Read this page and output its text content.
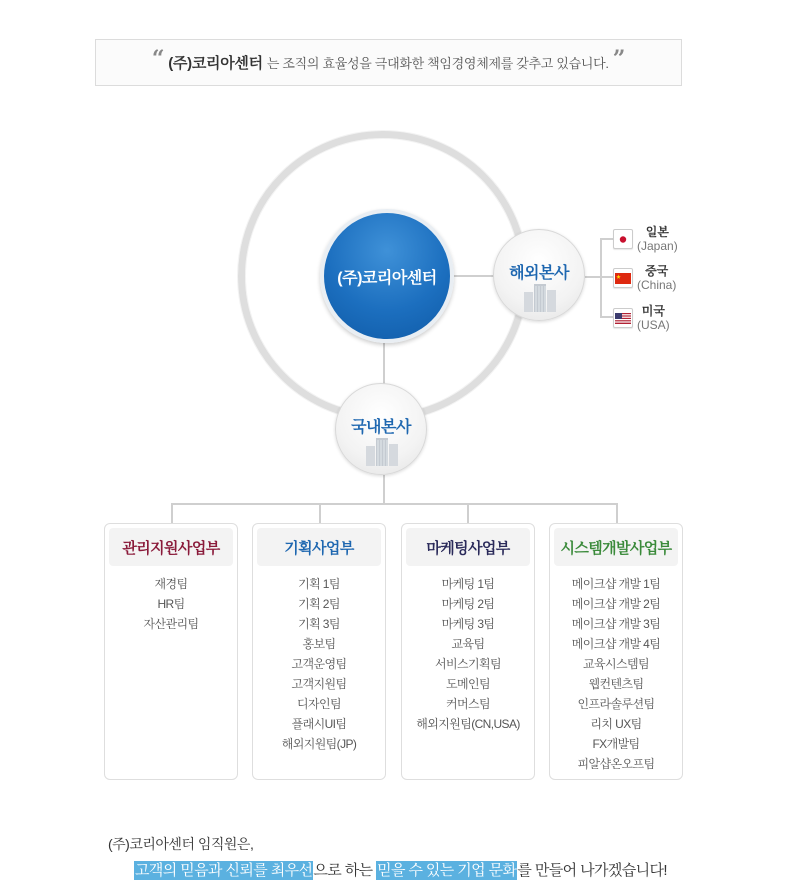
“ (주)코리아센터 는 조직의 효율성을 극대화한 책임경영체제를 갖추고 있습니다. ”
(주)코리아센터	해외본사
국내본사
일본
(Japan)
중국
(China)
미국
(USA)
관리지원사업부
재경팀
HR팀
자산관리팀
기획사업부
기획 1팀
기획 2팀
기획 3팀
홍보팀
고객운영팀
고객지원팀
디자인팀
플래시UI팀
해외지원팀(JP)
마케팅사업부
마케팅 1팀
마케팅 2팀
마케팅 3팀
교육팀
서비스기획팀
도메인팀
커머스팀
해외지원팀(CN,USA)
시스템개발사업부
메이크샵 개발 1팀
메이크샵 개발 2팀
메이크샵 개발 3팀
메이크샵 개발 4팀
교육시스템팀
웹컨텐츠팀
인프라솔루션팀
리치 UX팀
FX개발팀
피알샵온오프팀
(주)코리아센터 임직원은,
고객의 믿음과 신뢰를 최우선으로 하는 믿을 수 있는 기업 문화를 만들어 나가겠습니다!
